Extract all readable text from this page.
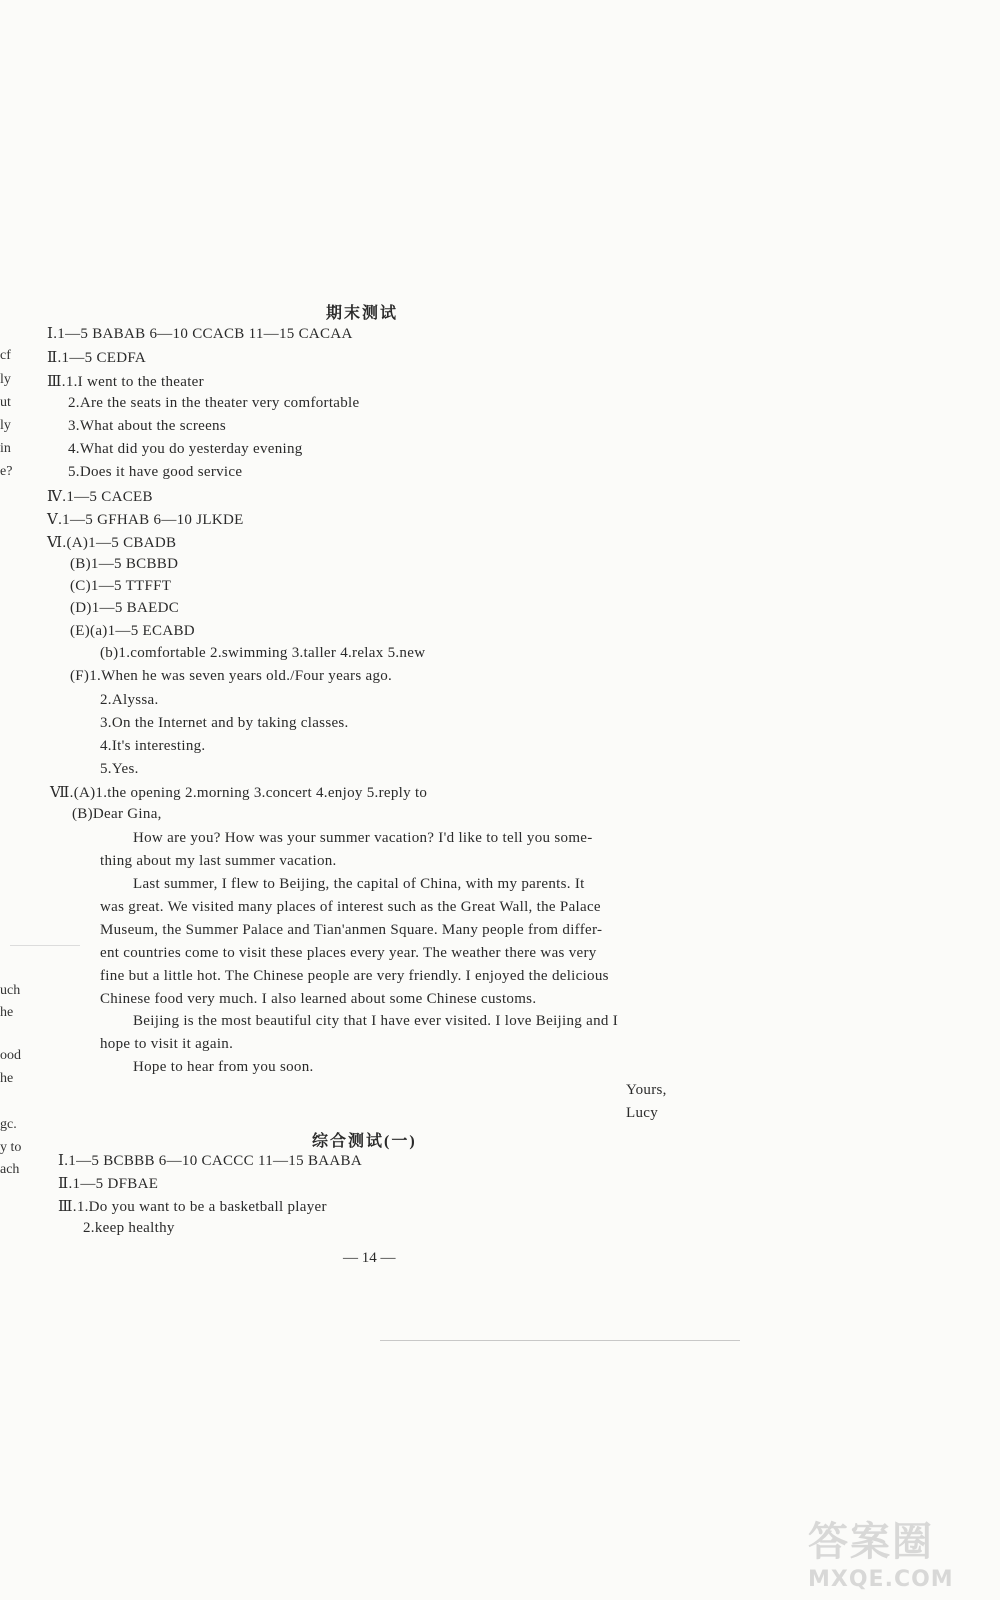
cf
ly
ut
ly
in
e?
uch
he
ood
he
gc.
y to
ach
期末测试
Ⅰ.1—5 BABAB 6—10 CCACB 11—15 CACAA
Ⅱ.1—5 CEDFA
Ⅲ.1.I went to the theater
2.Are the seats in the theater very comfortable
3.What about the screens
4.What did you do yesterday evening
5.Does it have good service
Ⅳ.1—5 CACEB
Ⅴ.1—5 GFHAB 6—10 JLKDE
Ⅵ.(A)1—5 CBADB
(B)1—5 BCBBD
(C)1—5 TTFFT
(D)1—5 BAEDC
(E)(a)1—5 ECABD
(b)1.comfortable 2.swimming 3.taller 4.relax 5.new
(F)1.When he was seven years old./Four years ago.
2.Alyssa.
3.On the Internet and by taking classes.
4.It's interesting.
5.Yes.
Ⅶ.(A)1.the opening 2.morning 3.concert 4.enjoy 5.reply to
(B)Dear Gina,
How are you? How was your summer vacation? I'd like to tell you some-
thing about my last summer vacation.
Last summer, I flew to Beijing, the capital of China, with my parents. It
was great. We visited many places of interest such as the Great Wall, the Palace
Museum, the Summer Palace and Tian'anmen Square. Many people from differ-
ent countries come to visit these places every year. The weather there was very
fine but a little hot. The Chinese people are very friendly. I enjoyed the delicious
Chinese food very much. I also learned about some Chinese customs.
Beijing is the most beautiful city that I have ever visited. I love Beijing and I
hope to visit it again.
Hope to hear from you soon.
Yours,
Lucy
综合测试(一)
Ⅰ.1—5 BCBBB 6—10 CACCC 11—15 BAABA
Ⅱ.1—5 DFBAE
Ⅲ.1.Do you want to be a basketball player
2.keep healthy
— 14 —
答案圈
MXQE.COM
